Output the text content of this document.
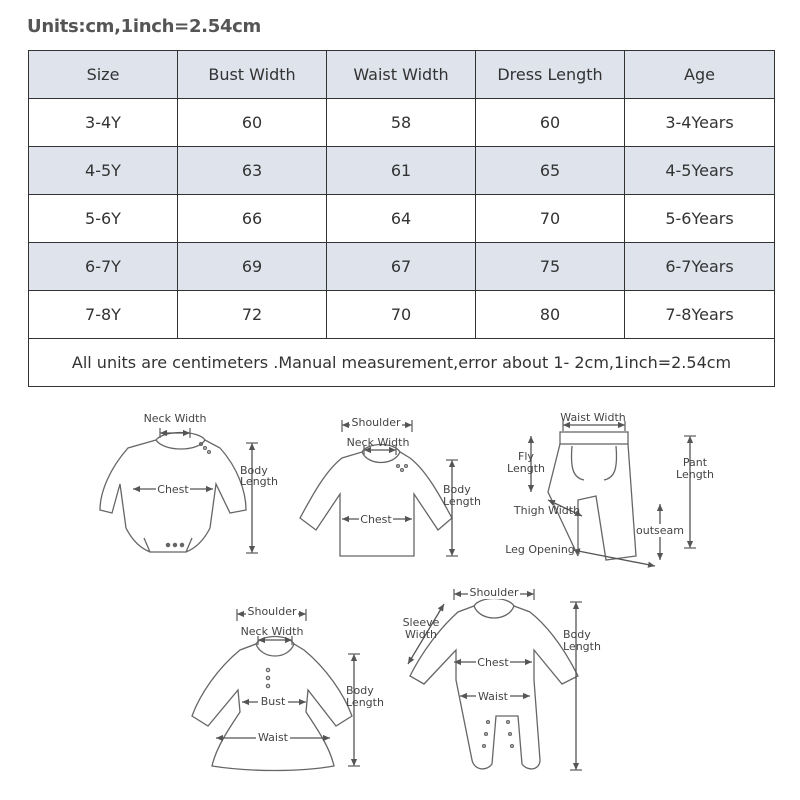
Units:cm,1inch=2.54cm
Size	Bust Width	Waist Width	Dress Length	Age
3-4Y	60	58	60	3-4Years
4-5Y	63	61	65	4-5Years
5-6Y	66	64	70	5-6Years
6-7Y	69	67	75	6-7Years
7-8Y	72	70	80	7-8Years
All units are centimeters .Manual measurement,error about 1- 2cm,1inch=2.54cm				
Neck Width
Body
Length
Chest
Shoulder
Neck Width
Body
Length
Chest
Waist Width
Fly
Length	Pant
Length
Thigh Width
outseam
Leg Opening
Shoulder
Neck Width
Body
Length
Bust
Waist
Shoulder
Sleeve
Width	Body
Length
Chest
Waist
